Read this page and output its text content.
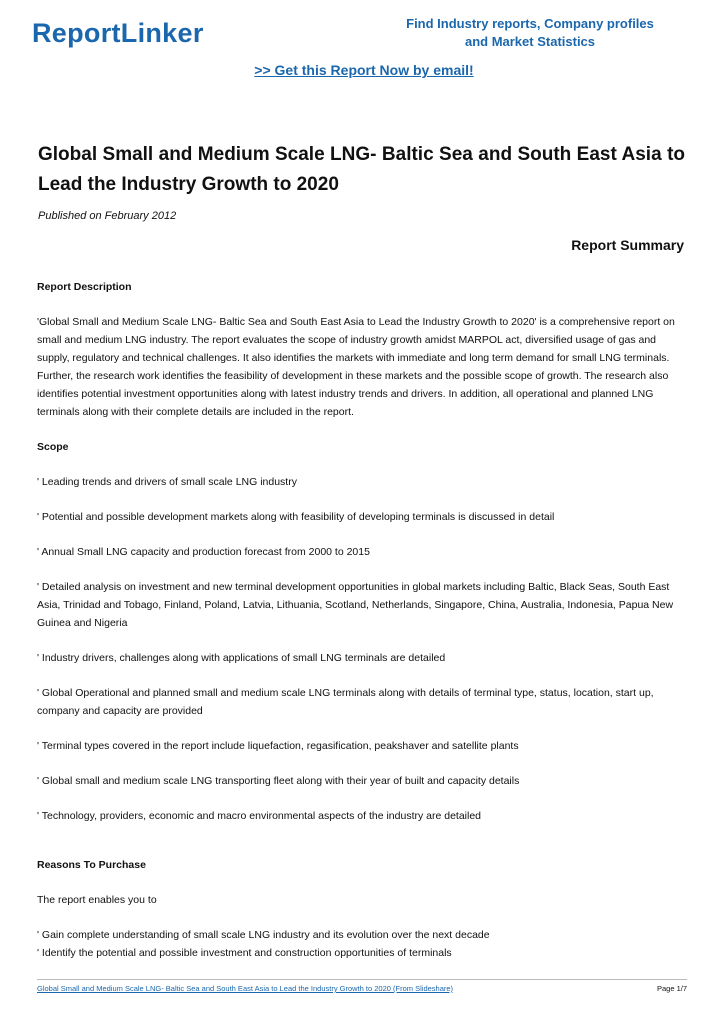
ReportLinker	Find Industry reports, Company profiles
and Market Statistics
>> Get this Report Now by email!
Global Small and Medium Scale LNG- Baltic Sea and South East Asia to Lead the Industry Growth to 2020
Published on February 2012
Report Summary
Report Description
'Global Small and Medium Scale LNG- Baltic Sea and South East Asia to Lead the Industry Growth to 2020' is a comprehensive report on small and medium LNG industry. The report evaluates the scope of industry growth amidst MARPOL act, diversified usage of gas and supply, regulatory and technical challenges. It also identifies the markets with immediate and long term demand for small LNG terminals. Further, the research work identifies the feasibility of development in these markets and the possible scope of growth. The research also identifies potential investment opportunities along with latest industry trends and drivers. In addition, all operational and planned LNG terminals along with their complete details are included in the report.
Scope
' Leading trends and drivers of small scale LNG industry
' Potential and possible development markets along with feasibility of developing terminals is discussed in detail
' Annual Small LNG capacity and production forecast from 2000 to 2015
' Detailed analysis on investment and new terminal development opportunities in global markets including Baltic, Black Seas, South East Asia, Trinidad and Tobago, Finland, Poland, Latvia, Lithuania, Scotland, Netherlands, Singapore, China, Australia, Indonesia, Papua New Guinea and Nigeria
' Industry drivers, challenges along with applications of small LNG terminals are detailed
' Global Operational and planned small and medium scale LNG terminals along with details of terminal type, status, location, start up, company and capacity are provided
' Terminal types covered in the report include liquefaction, regasification, peakshaver and satellite plants
' Global small and medium scale LNG transporting fleet along with their year of built and capacity details
' Technology, providers, economic and macro environmental aspects of the industry are detailed
Reasons To Purchase
The report enables you to
' Gain complete understanding of small scale LNG industry and its evolution over the next decade
' Identify the potential and possible investment and construction opportunities of terminals
Global Small and Medium Scale LNG- Baltic Sea and South East Asia to Lead the Industry Growth to 2020 (From Slideshare)	Page 1/7
